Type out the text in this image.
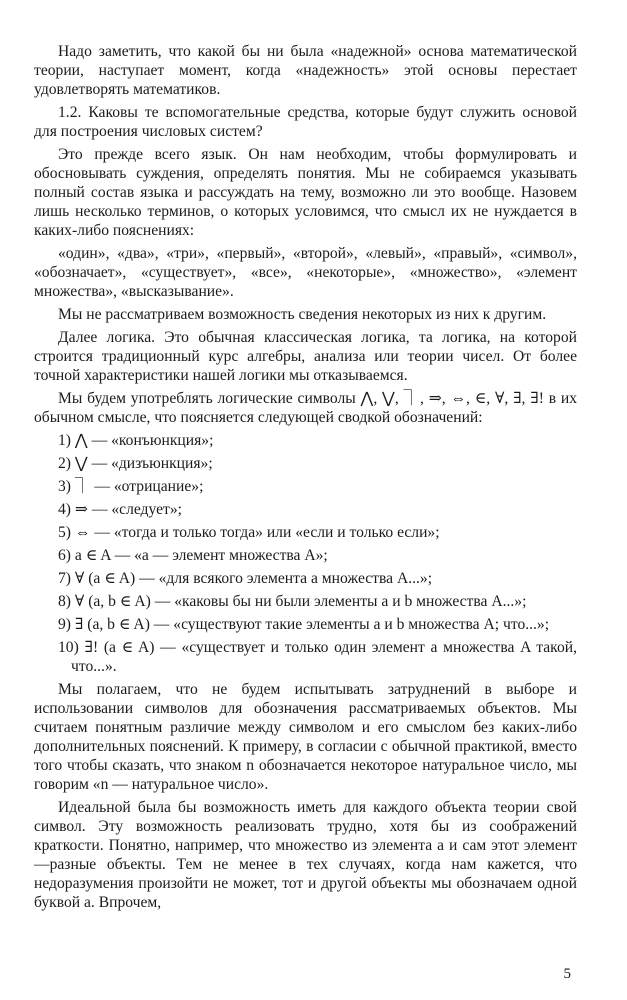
Надо заметить, что какой бы ни была «надежной» основа математической теории, наступает момент, когда «надежность» этой основы перестает удовлетворять математиков.

1.2. Каковы те вспомогательные средства, которые будут служить основой для построения числовых систем?

Это прежде всего язык. Он нам необходим, чтобы формулировать и обосновывать суждения, определять понятия. Мы не собираемся указывать полный состав языка и рассуждать на тему, возможно ли это вообще. Назовем лишь несколько терминов, о которых условимся, что смысл их не нуждается в каких-либо пояснениях:

«один», «два», «три», «первый», «второй», «левый», «правый», «символ», «обозначает», «существует», «все», «некоторые», «множество», «элемент множества», «высказывание».

Мы не рассматриваем возможность сведения некоторых из них к другим.

Далее логика. Это обычная классическая логика, та логика, на которой строится традиционный курс алгебры, анализа или теории чисел. От более точной характеристики нашей логики мы отказываемся.

Мы будем употреблять логические символы ⋀, ⋁, ⏋, ⇒, ⇔, ∈, ∀, ∃, ∃! в их обычном смысле, что поясняется следующей сводкой обозначений:

1) ⋀ — «конъюнкция»;

2) ⋁ — «дизъюнкция»;

3) ⏋ — «отрицание»;

4) ⇒ — «следует»;

5) ⇔ — «тогда и только тогда» или «если и только если»;

6) a ∈ A — «a — элемент множества A»;

7) ∀ (a ∈ A) — «для всякого элемента a множества A...»;

8) ∀ (a, b ∈ A) — «каковы бы ни были элементы a и b множества A...»;

9) ∃ (a, b ∈ A) — «существуют такие элементы a и b множества A; что...»;

10) ∃! (a ∈ A) — «существует и только один элемент a множества A такой, что...».

Мы полагаем, что не будем испытывать затруднений в выборе и использовании символов для обозначения рассматриваемых объектов. Мы считаем понятным различие между символом и его смыслом без каких-либо дополнительных пояснений. К примеру, в согласии с обычной практикой, вместо того чтобы сказать, что знаком n обозначается некоторое натуральное число, мы говорим «n — натуральное число».

Идеальной была бы возможность иметь для каждого объекта теории свой символ. Эту возможность реализовать трудно, хотя бы из соображений краткости. Понятно, например, что множество из элемента a и сам этот элемент—разные объекты. Тем не менее в тех случаях, когда нам кажется, что недоразумения произойти не может, тот и другой объекты мы обозначаем одной буквой a. Впрочем,

5
